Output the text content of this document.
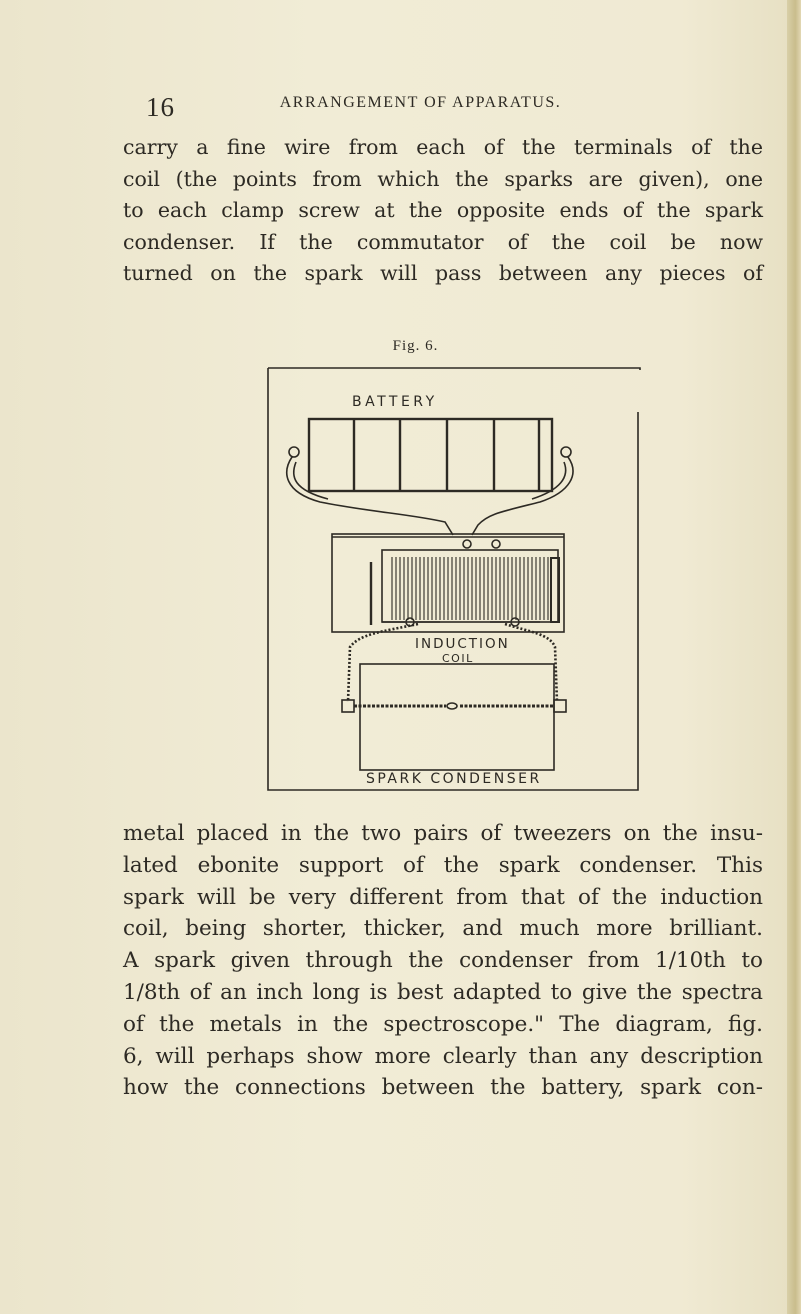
16	ARRANGEMENT OF APPARATUS.
carry a fine wire from each of the terminals of the
coil (the points from which the sparks are given), one
to each clamp screw at the opposite ends of the spark
condenser. If the commutator of the coil be now
turned on the spark will pass between any pieces of
Fig. 6.
BATTERY
INDUCTION
COIL
SPARK CONDENSER
metal placed in the two pairs of tweezers on the insu-
lated ebonite support of the spark condenser. This
spark will be very different from that of the induction
coil, being shorter, thicker, and much more brilliant.
A spark given through the condenser from 1/10th to
1/8th of an inch long is best adapted to give the spectra
of the metals in the spectroscope." The diagram, fig.
6, will perhaps show more clearly than any description
how the connections between the battery, spark con-
